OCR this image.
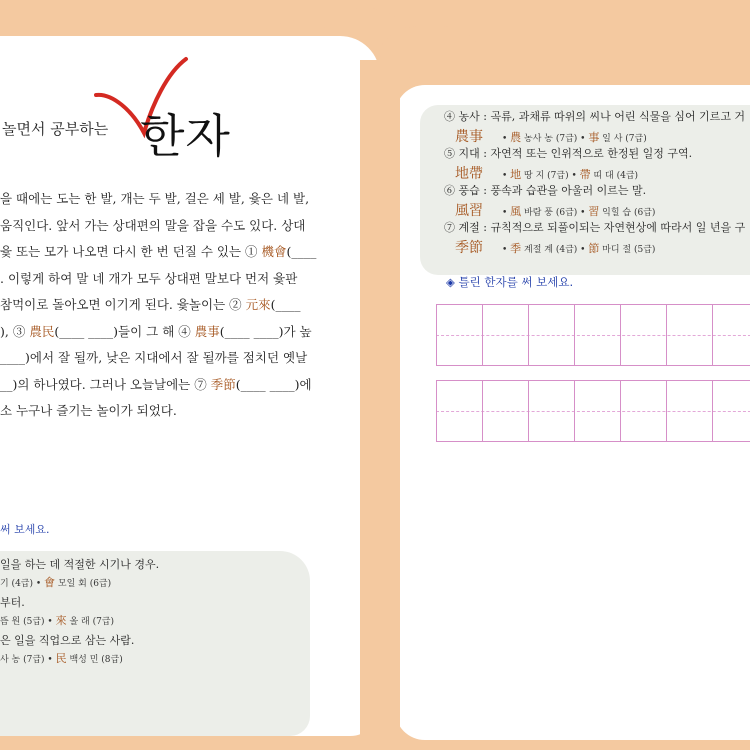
놀면서 공부하는 한자
을 때에는 도는 한 발, 개는 두 발, 걸은 세 발, 윷은 네 발,
움직인다. 앞서 가는 상대편의 말을 잡을 수도 있다. 상대
윷 또는 모가 나오면 다시 한 번 던질 수 있는 ① 機會(____
. 이렇게 하여 말 네 개가 모두 상대편 말보다 먼저 윷판
참먹이로 돌아오면 이기게 된다. 윷놀이는 ② 元來(____
), ③ 農民(____ ____)들이 그 해 ④ 農事(____ ____)가 높
____)에서 잘 될까, 낮은 지대에서 잘 될까를 점치던 옛날
__)의 하나였다. 그러나 오늘날에는 ⑦ 季節(____ ____)에
소 누구나 즐기는 놀이가 되었다.
써 보세요.
일을 하는 데 적절한 시기나 경우.
기 (4급) • 會 모일 회 (6급)
부터.
뜸 원 (5급) • 來 올 래 (7급)
은 일을 직업으로 삼는 사람.
사 농 (7급) • 民 백성 민 (8급)
④ 농사 : 곡류, 과채류 따위의 씨나 어린 식물을 심어 기르고 거
農事 • 農 농사 농 (7급) • 事 일 사 (7급)
⑤ 지대 : 자연적 또는 인위적으로 한정된 일정 구역.
地帶 • 地 땅 지 (7급) • 帶 띠 대 (4급)
⑥ 풍습 : 풍속과 습관을 아울러 이르는 말.
風習 • 風 바람 풍 (6급) • 習 익힐 습 (6급)
⑦ 계절 : 규칙적으로 되풀이되는 자연현상에 따라서 일 년을 구
季節 • 季 계절 계 (4급) • 節 마디 절 (5급)
◈ 틀린 한자를 써 보세요.
